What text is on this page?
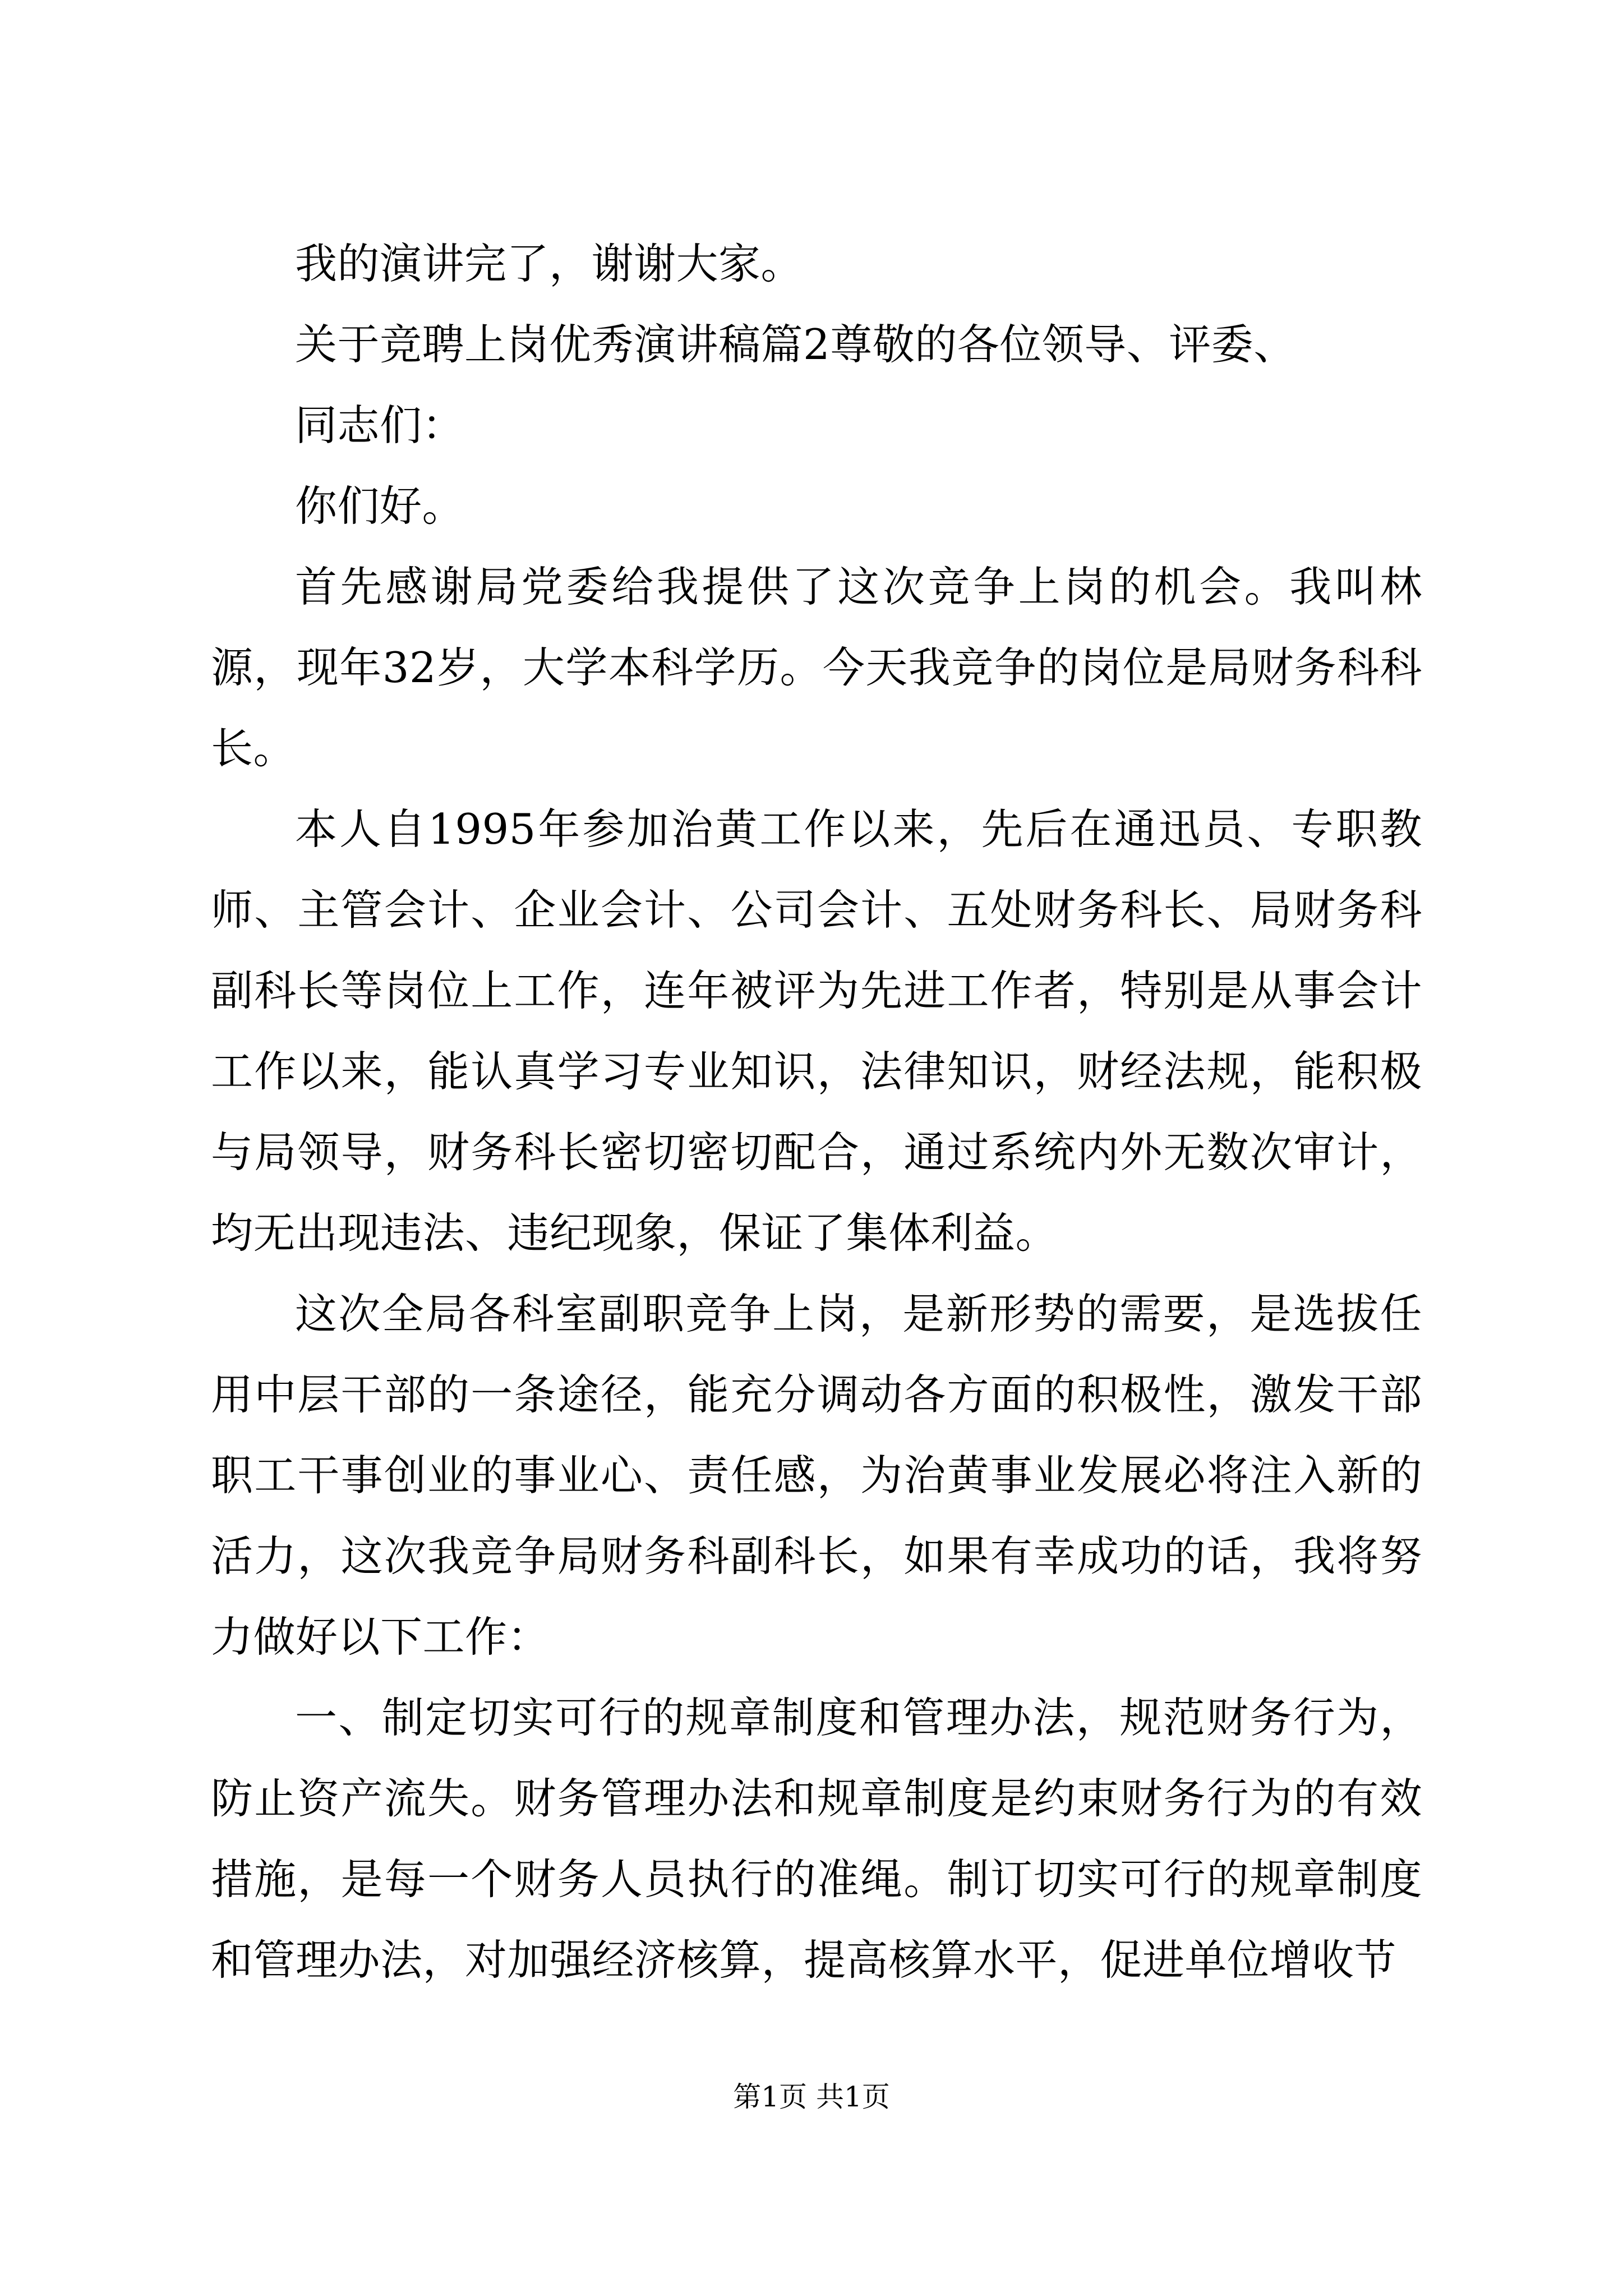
我的演讲完了，谢谢大家。

关于竞聘上岗优秀演讲稿篇2尊敬的各位领导、评委、

同志们：

你们好。

首先感谢局党委给我提供了这次竞争上岗的机会。我叫林源，现年32岁，大学本科学历。今天我竞争的岗位是局财务科科长。

本人自1995年参加治黄工作以来，先后在通迅员、专职教师、主管会计、企业会计、公司会计、五处财务科长、局财务科副科长等岗位上工作，连年被评为先进工作者，特别是从事会计工作以来，能认真学习专业知识，法律知识，财经法规，能积极与局领导，财务科长密切密切配合，通过系统内外无数次审计，均无出现违法、违纪现象，保证了集体利益。

这次全局各科室副职竞争上岗，是新形势的需要，是选拔任用中层干部的一条途径，能充分调动各方面的积极性，激发干部职工干事创业的事业心、责任感，为治黄事业发展必将注入新的活力，这次我竞争局财务科副科长，如果有幸成功的话，我将努力做好以下工作：

一、制定切实可行的规章制度和管理办法，规范财务行为，防止资产流失。财务管理办法和规章制度是约束财务行为的有效措施，是每一个财务人员执行的准绳。制订切实可行的规章制度和管理办法，对加强经济核算，提高核算水平，促进单位增收节

第1页 共1页
